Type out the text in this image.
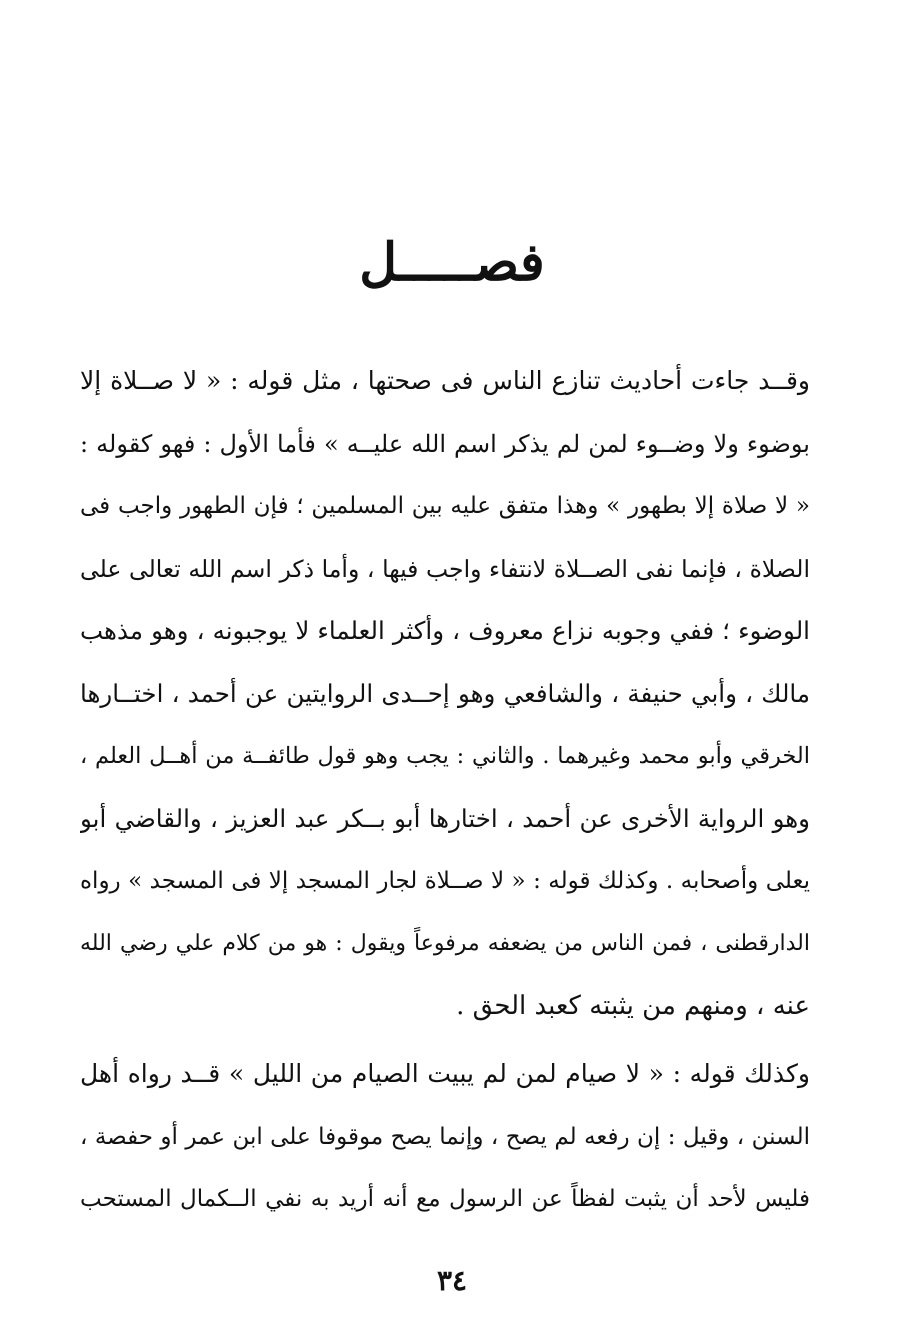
فصـــــل
وقــد جاءت أحاديث تنازع الناس فى صحتها ، مثل قوله : « لا صــلاة إلا
بوضوء ولا وضــوء لمن لم يذكر اسم الله عليــه » فأما الأول : فهو كقوله :
« لا صلاة إلا بطهور » وهذا متفق عليه بين المسلمين ؛ فإن الطهور واجب فى
الصلاة ، فإنما نفى الصــلاة لانتفاء واجب فيها ، وأما ذكر اسم الله تعالى على
الوضوء ؛ ففي وجوبه نزاع معروف ، وأكثر العلماء لا يوجبونه ، وهو مذهب
مالك ، وأبي حنيفة ، والشافعي وهو إحــدى الروايتين عن أحمد ، اختــارها
الخرقي وأبو محمد وغيرهما . والثاني : يجب وهو قول طائفــة من أهــل العلم ،
وهو الرواية الأخرى عن أحمد ، اختارها أبو بــكر عبد العزيز ، والقاضي أبو
يعلى وأصحابه . وكذلك قوله : « لا صــلاة لجار المسجد إلا فى المسجد » رواه
الدارقطنى ، فمن الناس من يضعفه مرفوعاً ويقول : هو من كلام علي رضي الله
عنه ، ومنهم من يثبته كعبد الحق .
وكذلك قوله : « لا صيام لمن لم يبيت الصيام من الليل » قــد رواه أهل
السنن ، وقيل : إن رفعه لم يصح ، وإنما يصح موقوفا على ابن عمر أو حفصة ،
فليس لأحد أن يثبت لفظاً عن الرسول مع أنه أريد به نفي الــكمال المستحب
٣٤
